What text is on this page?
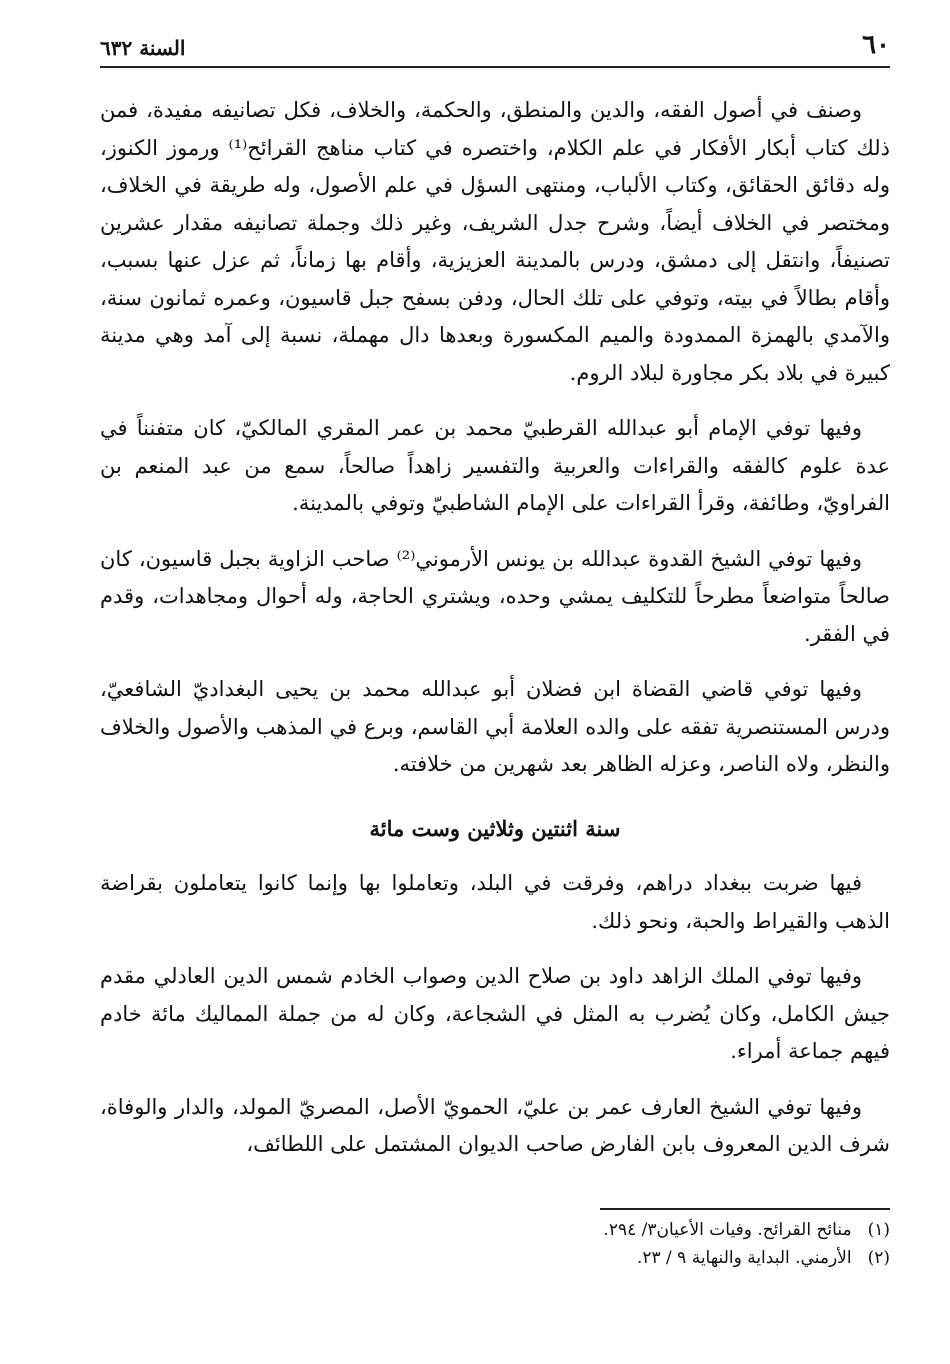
٦٠
السنة ٦٣٢

وصنف في أصول الفقه، والدين والمنطق، والحكمة، والخلاف، فكل تصانيفه مفيدة، فمن ذلك كتاب أبكار الأفكار في علم الكلام، واختصره في كتاب مناهج القرائح⁽¹⁾ ورموز الكنوز، وله دقائق الحقائق، وكتاب الألباب، ومنتهى السؤل في علم الأصول، وله طريقة في الخلاف، ومختصر في الخلاف أيضاً، وشرح جدل الشريف، وغير ذلك وجملة تصانيفه مقدار عشرين تصنيفاً، وانتقل إلى دمشق، ودرس بالمدينة العزيزية، وأقام بها زماناً، ثم عزل عنها بسبب، وأقام بطالاً في بيته، وتوفي على تلك الحال، ودفن بسفح جبل قاسيون، وعمره ثمانون سنة، والآمدي بالهمزة الممدودة والميم المكسورة وبعدها دال مهملة، نسبة إلى آمد وهي مدينة كبيرة في بلاد بكر مجاورة لبلاد الروم.

وفيها توفي الإمام أبو عبدالله القرطبيّ محمد بن عمر المقري المالكيّ، كان متفنناً في عدة علوم كالفقه والقراءات والعربية والتفسير زاهداً صالحاً، سمع من عبد المنعم بن الفراويّ، وطائفة، وقرأ القراءات على الإمام الشاطبيّ وتوفي بالمدينة.

وفيها توفي الشيخ القدوة عبدالله بن يونس الأرموني⁽²⁾ صاحب الزاوية بجبل قاسيون، كان صالحاً متواضعاً مطرحاً للتكليف يمشي وحده، ويشتري الحاجة، وله أحوال ومجاهدات، وقدم في الفقر.

وفيها توفي قاضي القضاة ابن فضلان أبو عبدالله محمد بن يحيى البغداديّ الشافعيّ، ودرس المستنصرية تفقه على والده العلامة أبي القاسم، وبرع في المذهب والأصول والخلاف والنظر، ولاه الناصر، وعزله الظاهر بعد شهرين من خلافته.

سنة اثنتين وثلاثين وست مائة

فيها ضربت ببغداد دراهم، وفرقت في البلد، وتعاملوا بها وإنما كانوا يتعاملون بقراضة الذهب والقيراط والحبة، ونحو ذلك.

وفيها توفي الملك الزاهد داود بن صلاح الدين وصواب الخادم شمس الدين العادلي مقدم جيش الكامل، وكان يُضرب به المثل في الشجاعة، وكان له من جملة المماليك مائة خادم فيهم جماعة أمراء.

وفيها توفي الشيخ العارف عمر بن عليّ، الحمويّ الأصل، المصريّ المولد، والدار والوفاة، شرف الدين المعروف بابن الفارض صاحب الديوان المشتمل على اللطائف،

(١)منائح القرائح. وفيات الأعيان٣/ ٢٩٤.
(٢)الأرمني. البداية والنهاية ٩ / ٢٣.
